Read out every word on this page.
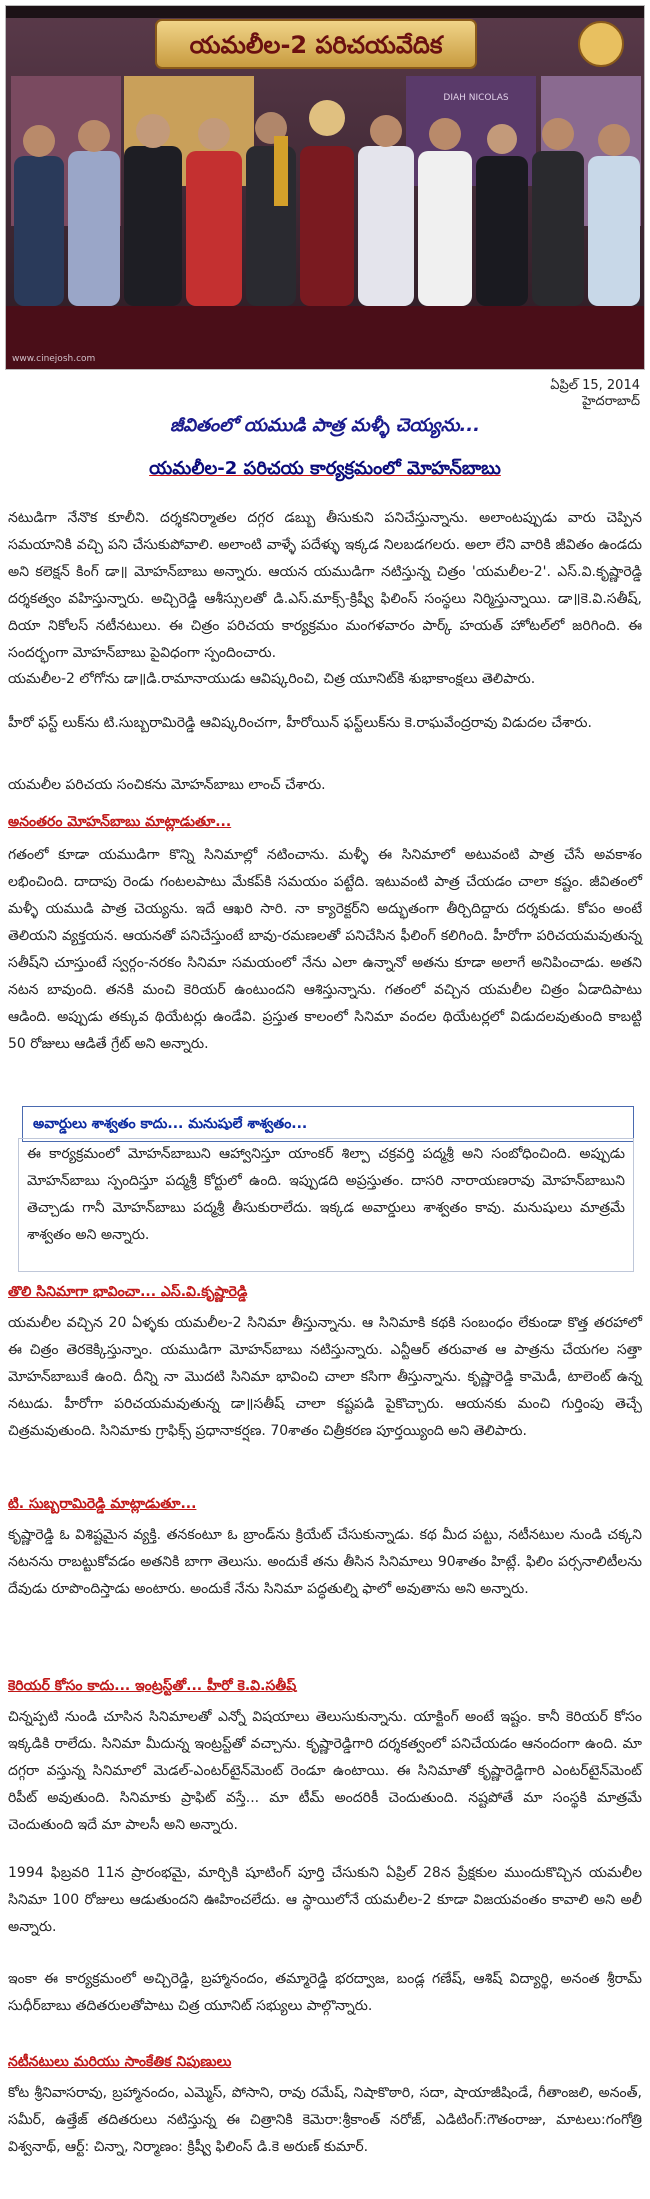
యమలీల-2 పరిచయవేదిక
DIAH NICOLAS
www.cinejosh.com
ఏప్రిల్ 15, 2014
హైదరాబాద్
జీవితంలో యముడి పాత్ర మళ్ళీ చెయ్యను...
యమలీల-2 పరిచయ కార్యక్రమంలో మోహన్‌బాబు
నటుడిగా నేనొక కూలీని. దర్శకనిర్మాతల దగ్గర డబ్బు తీసుకుని పనిచేస్తున్నాను. అలాంటప్పుడు వారు చెప్పిన సమయానికి వచ్చి పని చేసుకుపోవాలి. అలాంటి వాళ్ళే పదేళ్ళు ఇక్కడ నిలబడగలరు. అలా లేని వారికి జీవితం ఉండదు అని కలెక్షన్ కింగ్ డా॥ మోహన్‌బాబు అన్నారు. ఆయన యముడిగా నటిస్తున్న చిత్రం 'యమలీల-2'. ఎస్.వి.కృష్ణారెడ్డి దర్శకత్వం వహిస్తున్నారు. అచ్చిరెడ్డి ఆశీస్సులతో డి.ఎస్.మాక్స్-క్రిష్వీ ఫిలింస్ సంస్థలు నిర్మిస్తున్నాయి. డా॥కె.వి.సతీష్, దియా నికోలస్ నటీనటులు. ఈ చిత్రం పరిచయ కార్యక్రమం మంగళవారం పార్క్ హయత్ హోటల్‌లో జరిగింది. ఈ సందర్భంగా మోహన్‌బాబు పైవిధంగా స్పందించారు.
యమలీల-2 లోగోను డా॥డి.రామానాయుడు ఆవిష్కరించి, చిత్ర యూనిట్‌కి శుభాకాంక్షలు తెలిపారు.
హీరో ఫస్ట్ లుక్‌ను టి.సుబ్బరామిరెడ్డి ఆవిష్కరించగా, హీరోయిన్ ఫస్ట్‌లుక్‌ను కె.రాఘవేంద్రరావు విడుదల చేశారు.
యమలీల పరిచయ సంచికను మోహన్‌బాబు లాంచ్ చేశారు.
అనంతరం మోహన్‌బాబు మాట్లాడుతూ...
గతంలో కూడా యముడిగా కొన్ని సినిమాల్లో నటించాను. మళ్ళీ ఈ సినిమాలో అటువంటి పాత్ర చేసే అవకాశం లభించింది. దాదాపు రెండు గంటలపాటు మేకప్‌కి సమయం పట్టేది. ఇటువంటి పాత్ర చేయడం చాలా కష్టం. జీవితంలో మళ్ళీ యముడి పాత్ర చెయ్యను. ఇదే ఆఖరి సారి. నా క్యారెక్టర్‌ని అద్భుతంగా తీర్చిదిద్దారు దర్శకుడు. కోపం అంటే తెలియని వ్యక్తయన. ఆయనతో పనిచేస్తుంటే బావు-రమణలతో పనిచేసిన ఫీలింగ్ కలిగింది. హీరోగా పరిచయమవుతున్న సతీష్‌ని చూస్తుంటే స్వర్గం-నరకం సినిమా సమయంలో నేను ఎలా ఉన్నానో అతను కూడా అలాగే అనిపించాడు. అతని నటన బావుంది. తనకి మంచి కెరియర్ ఉంటుందని ఆశిస్తున్నాను. గతంలో వచ్చిన యమలీల చిత్రం ఏడాదిపాటు ఆడింది. అప్పుడు తక్కువ థియేటర్లు ఉండేవి. ప్రస్తుత కాలంలో సినిమా వందల థియేటర్లలో విడుదలవుతుంది కాబట్టి 50 రోజులు ఆడితే గ్రేట్ అని అన్నారు.
అవార్డులు శాశ్వతం కాదు... మనుషులే శాశ్వతం...
ఈ కార్యక్రమంలో మోహన్‌బాబుని ఆహ్వానిస్తూ యాంకర్ శిల్పా చక్రవర్తి పద్మశ్రీ అని సంబోధించింది. అప్పుడు మోహన్‌బాబు స్పందిస్తూ పద్మశ్రీ కోర్టులో ఉంది. ఇప్పుడది అప్రస్తుతం. దాసరి నారాయణరావు మోహన్‌బాబుని తెచ్చాడు గానీ మోహన్‌బాబు పద్మశ్రీ తీసుకురాలేదు. ఇక్కడ అవార్డులు శాశ్వతం కావు. మనుషులు మాత్రమే శాశ్వతం అని అన్నారు.
తొలి సినిమాగా భావించా... ఎస్.వి.కృష్ణారెడ్డి
యమలీల వచ్చిన 20 ఏళ్ళకు యమలీల-2 సినిమా తీస్తున్నాను. ఆ సినిమాకి కథకి సంబంధం లేకుండా కొత్త తరహాలో ఈ చిత్రం తెరకెక్కిస్తున్నాం. యముడిగా మోహన్‌బాబు నటిస్తున్నారు. ఎన్టీఆర్ తరువాత ఆ పాత్రను చేయగల సత్తా మోహన్‌బాబుకే ఉంది. దీన్ని నా మొదటి సినిమా భావించి చాలా కసిగా తీస్తున్నాను. కృష్ణారెడ్డి కామెడీ, టాలెంట్ ఉన్న నటుడు. హీరోగా పరిచయమవుతున్న డా॥సతీష్ చాలా కష్టపడి పైకొచ్చారు. ఆయనకు మంచి గుర్తింపు తెచ్చే చిత్రమవుతుంది. సినిమాకు గ్రాఫిక్స్ ప్రధానాకర్షణ. 70శాతం చిత్రీకరణ పూర్తయ్యింది అని తెలిపారు.
టి. సుబ్బరామిరెడ్డి మాట్లాడుతూ...
కృష్ణారెడ్డి ఓ విశిష్టమైన వ్యక్తి. తనకంటూ ఓ బ్రాండ్‌ను క్రియేట్ చేసుకున్నాడు. కథ మీద పట్టు, నటీనటుల నుండి చక్కని నటనను రాబట్టుకోవడం అతనికి బాగా తెలుసు. అందుకే తను తీసిన సినిమాలు 90శాతం హిట్లే. ఫిలిం పర్సనాలిటీలను దేవుడు రూపొందిస్తాడు అంటారు. అందుకే నేను సినిమా పద్ధతుల్ని ఫాలో అవుతాను అని అన్నారు.
కెరియర్ కోసం కాదు... ఇంట్రస్ట్‌తో... హీరో కె.వి.సతీష్
చిన్నప్పటి నుండి చూసిన సినిమాలతో ఎన్నో విషయాలు తెలుసుకున్నాను. యాక్టింగ్ అంటే ఇష్టం. కానీ కెరియర్ కోసం ఇక్కడికి రాలేదు. సినిమా మీదున్న ఇంట్రస్ట్‌తో వచ్చాను. కృష్ణారెడ్డిగారి దర్శకత్వంలో పనిచేయడం ఆనందంగా ఉంది. మా దగ్గరా వస్తున్న సినిమాలో మెడల్-ఎంటర్‌టైన్‌మెంట్ రెండూ ఉంటాయి. ఈ సినిమాతో కృష్ణారెడ్డిగారి ఎంటర్‌టైన్‌మెంట్ రిపీట్ అవుతుంది. సినిమాకు ప్రాఫిట్ వస్తే... మా టీమ్ అందరికీ చెందుతుంది. నష్టపోతే మా సంస్థకి మాత్రమే చెందుతుంది ఇదే మా పాలసీ అని అన్నారు.
1994 ఫిబ్రవరి 11న ప్రారంభమై, మార్చికి షూటింగ్ పూర్తి చేసుకుని ఏప్రిల్ 28న ప్రేక్షకుల ముందుకొచ్చిన యమలీల సినిమా 100 రోజులు ఆడుతుందని ఊహించలేదు. ఆ స్థాయిలోనే యమలీల-2 కూడా విజయవంతం కావాలి అని అలీ అన్నారు.
ఇంకా ఈ కార్యక్రమంలో అచ్చిరెడ్డి, బ్రహ్మానందం, తమ్మారెడ్డి భరద్వాజ, బండ్ల గణేష్, ఆశిష్ విద్యార్థి, అనంత శ్రీరామ్ సుధీర్‌బాబు తదితరులతోపాటు చిత్ర యూనిట్ సభ్యులు పాల్గొన్నారు.
నటీనటులు మరియు సాంకేతిక నిపుణులు
కోట శ్రీనివాసరావు, బ్రహ్మానందం, ఎమ్మెస్, పోసాని, రావు రమేష్, నిషాకొఠారి, సదా, షాయాజీషిండే, గీతాంజలి, అనంత్, సమీర్, ఉత్తేజ్ తదితరులు నటిస్తున్న ఈ చిత్రానికి కెమెరా:శ్రీకాంత్ నరోజ్, ఎడిటింగ్:గౌతంరాజు, మాటలు:గంగోత్రి విశ్వనాథ్, ఆర్ట్: చిన్నా, నిర్మాణం: క్రిష్వీ ఫిలింస్ డి.కె అరుణ్ కుమార్.
